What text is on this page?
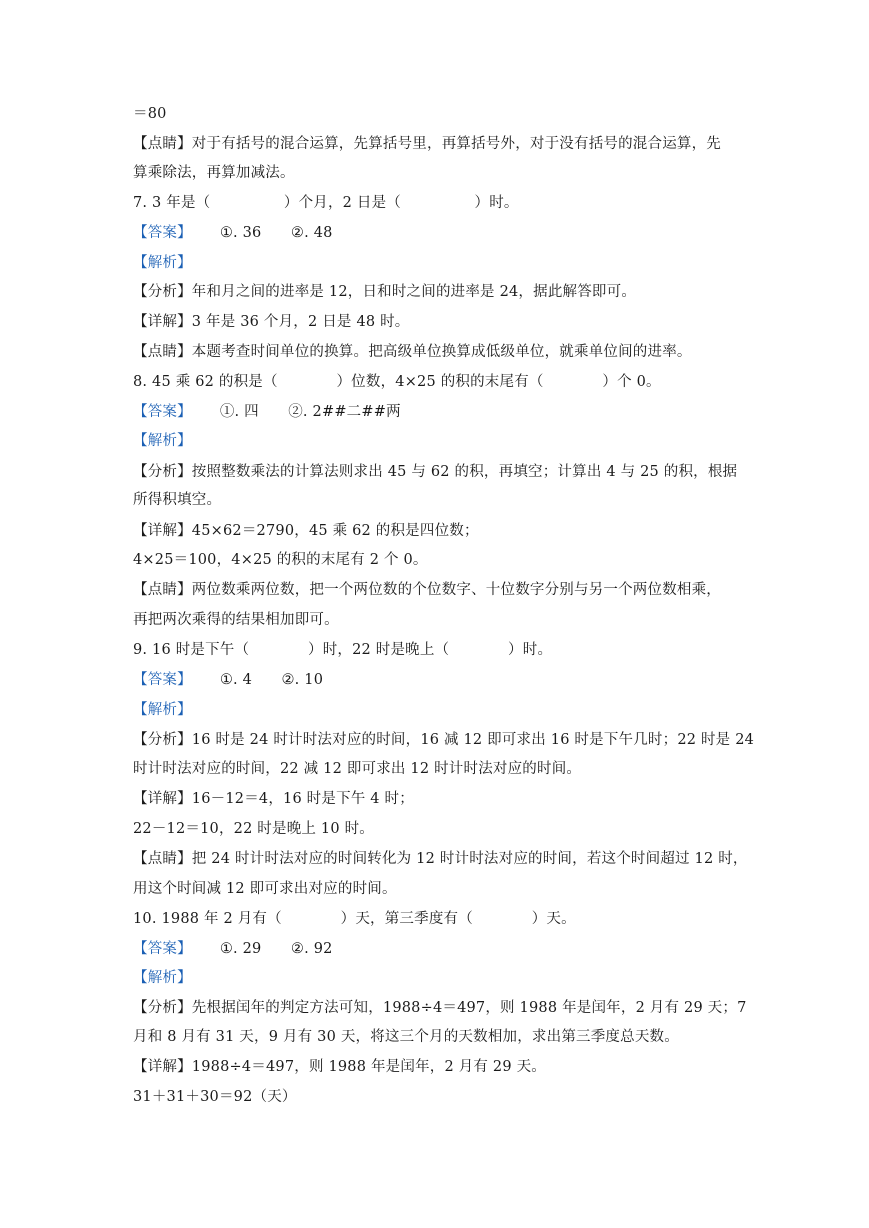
＝80
【点睛】对于有括号的混合运算，先算括号里，再算括号外，对于没有括号的混合运算，先
算乘除法，再算加减法。
7. 3 年是（　　　　　）个月，2 日是（　　　　　）时。
【答案】 ①. 36　　②. 48
【解析】
【分析】年和月之间的进率是 12，日和时之间的进率是 24，据此解答即可。
【详解】3 年是 36 个月，2 日是 48 时。
【点睛】本题考查时间单位的换算。把高级单位换算成低级单位，就乘单位间的进率。
8. 45 乘 62 的积是（　　　　）位数，4×25 的积的末尾有（　　　　）个 0。
【答案】 ①. 四　　②. 2##二##两
【解析】
【分析】按照整数乘法的计算法则求出 45 与 62 的积，再填空；计算出 4 与 25 的积，根据
所得积填空。
【详解】45×62＝2790，45 乘 62 的积是四位数；
4×25＝100，4×25 的积的末尾有 2 个 0。
【点睛】两位数乘两位数，把一个两位数的个位数字、十位数字分别与另一个两位数相乘，
再把两次乘得的结果相加即可。
9. 16 时是下午（　　　　）时，22 时是晚上（　　　　）时。
【答案】 ①. 4　　②. 10
【解析】
【分析】16 时是 24 时计时法对应的时间，16 减 12 即可求出 16 时是下午几时；22 时是 24
时计时法对应的时间，22 减 12 即可求出 12 时计时法对应的时间。
【详解】16－12＝4，16 时是下午 4 时；
22－12＝10，22 时是晚上 10 时。
【点睛】把 24 时计时法对应的时间转化为 12 时计时法对应的时间，若这个时间超过 12 时，
用这个时间减 12 即可求出对应的时间。
10. 1988 年 2 月有（　　　　）天，第三季度有（　　　　）天。
【答案】 ①. 29　　②. 92
【解析】
【分析】先根据闰年的判定方法可知，1988÷4＝497，则 1988 年是闰年，2 月有 29 天；7
月和 8 月有 31 天，9 月有 30 天，将这三个月的天数相加，求出第三季度总天数。
【详解】1988÷4＝497，则 1988 年是闰年，2 月有 29 天。
31＋31＋30＝92（天）
